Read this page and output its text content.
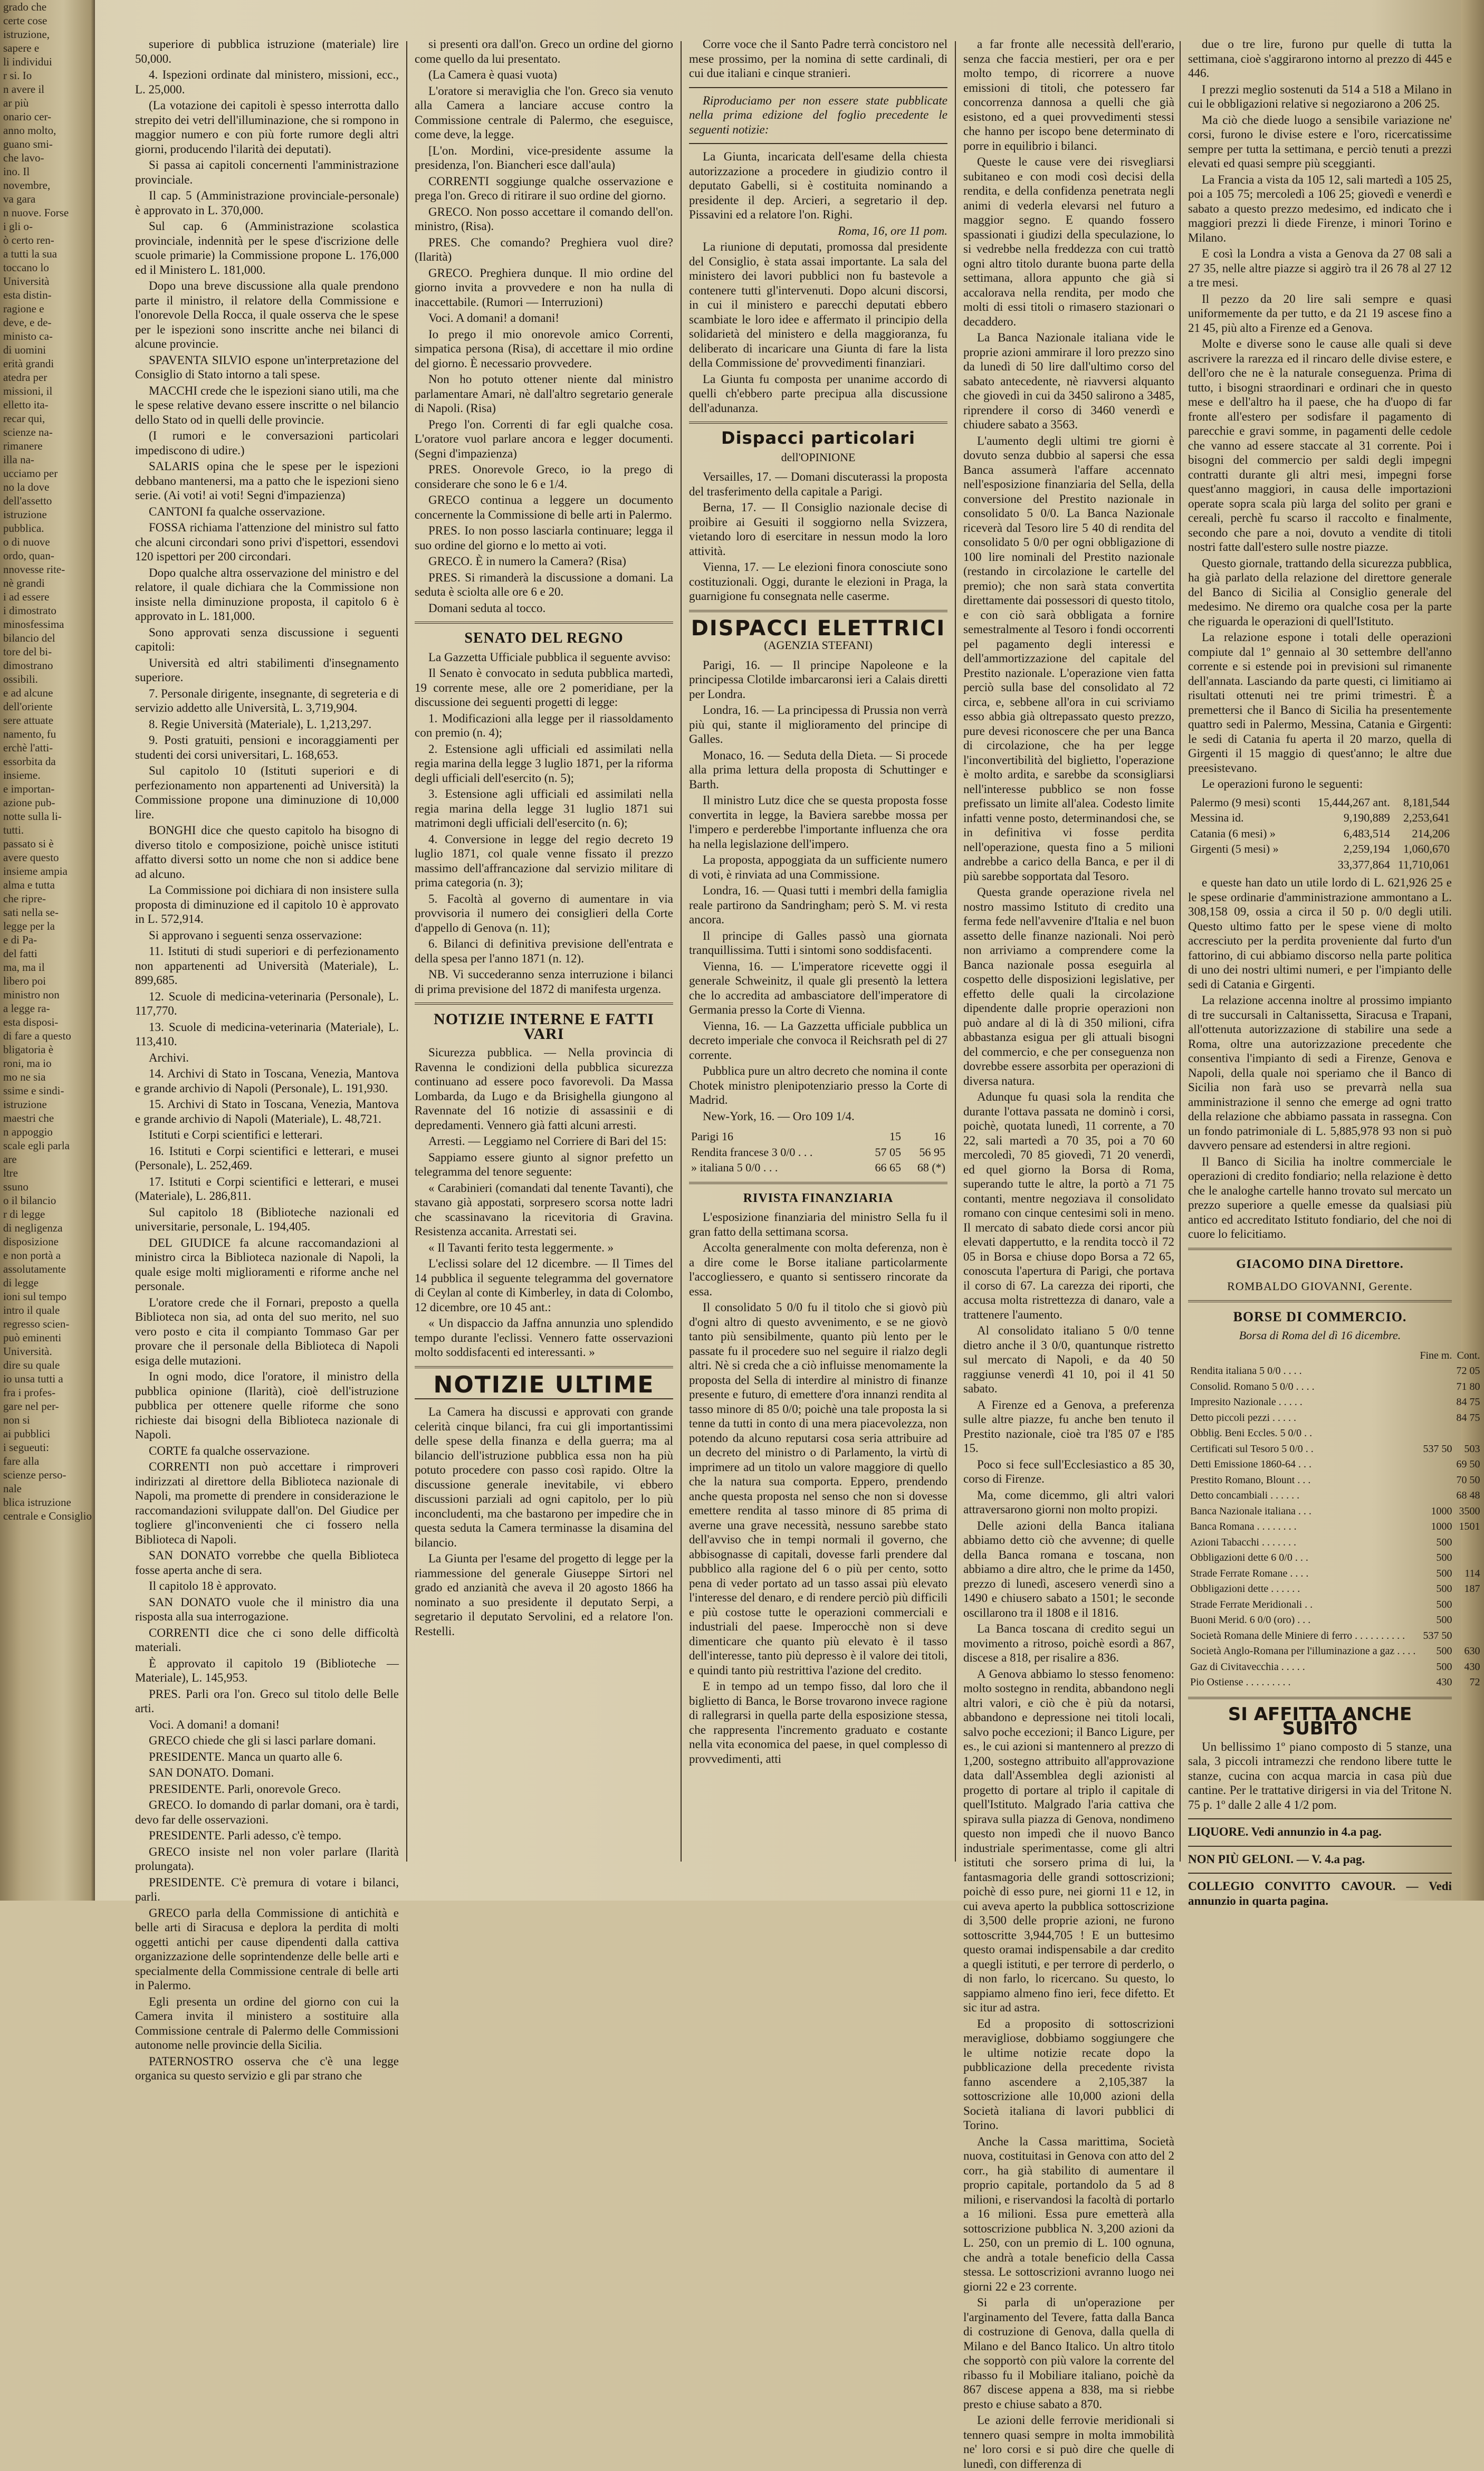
grado che

certe cose

istruzione,

sapere e

li individui

r si. Io

n avere il

ar più

onario cer-

anno molto,

guano smi-

che lavo-

ino. Il

novembre,

va gara

n nuove. Forse

i gli o-

ò certo ren-

a tutti la sua

toccano lo

Università

esta distin-

ragione e

deve, e de-

ministo ca-

di uomini

erità grandi

atedra per

missioni, il

elletto ita-

recar qui,

scienze na-

rimanere

illa na-

ucciamo per

no la dove

dell'assetto

istruzione

pubblica.

o di nuove

ordo, quan-

nnovesse rite-

nè grandi

i ad essere

i dimostrato

minosfessima

bilancio del

tore del bi-

dimostrano

ossibili.

e ad alcune

dell'oriente

sere attuate

namento, fu

erchè l'atti-

essorbita da

insieme.

e importan-

azione pub-

notte sulla li-

tutti.

passato si è

avere questo

insieme ampia

alma e tutta

che ripre-

sati nella se-

legge per la

e di Pa-

del fatti

ma, ma il

libero poi

ministro non

a legge ra-

esta disposi-

di fare a questo

bligatoria è

roni, ma io

mo ne sia

ssime e sindi-

istruzione

maestri che

n appoggio

scale egli parla

are

ltre

ssuno

o il bilancio

r di legge

di negligenza

disposizione

e non portà a

assolutamente

di legge

ioni sul tempo

intro il quale

regresso scien-

può eminenti

Università.

dire su quale

io unsa tutti a

fra i profes-

gare nel per-

non si

ai pubblici

i segueuti:

fare alla

scienze perso-

nale

blica istruzione

centrale e Consiglio

superiore di pubblica istruzione (materiale) lire 50,000.

4. Ispezioni ordinate dal ministero, missioni, ecc., L. 25,000.

(La votazione dei capitoli è spesso interrotta dallo strepito dei vetri dell'illuminazione, che si rompono in maggior numero e con più forte rumore degli altri giorni, producendo l'ilarità dei deputati).

Si passa ai capitoli concernenti l'amministrazione provinciale.

Il cap. 5 (Amministrazione provinciale-personale) è approvato in L. 370,000.

Sul cap. 6 (Amministrazione scolastica provinciale, indennità per le spese d'iscrizione delle scuole primarie) la Commissione propone L. 176,000 ed il Ministero L. 181,000.

Dopo una breve discussione alla quale prendono parte il ministro, il relatore della Commissione e l'onorevole Della Rocca, il quale osserva che le spese per le ispezioni sono inscritte anche nei bilanci di alcune provincie.

SPAVENTA SILVIO espone un'interpretazione del Consiglio di Stato intorno a tali spese.

MACCHI crede che le ispezioni siano utili, ma che le spese relative devano essere inscritte o nel bilancio dello Stato od in quelli delle provincie.

(I rumori e le conversazioni particolari impediscono di udire.)

SALARIS opina che le spese per le ispezioni debbano mantenersi, ma a patto che le ispezioni sieno serie. (Ai voti! ai voti! Segni d'impazienza)

CANTONI fa qualche osservazione.

FOSSA richiama l'attenzione del ministro sul fatto che alcuni circondari sono privi d'ispettori, essendovi 120 ispettori per 200 circondari.

Dopo qualche altra osservazione del ministro e del relatore, il quale dichiara che la Commissione non insiste nella diminuzione proposta, il capitolo 6 è approvato in L. 181,000.

Sono approvati senza discussione i seguenti capitoli:

Università ed altri stabilimenti d'insegnamento superiore.

7. Personale dirigente, insegnante, di segreteria e di servizio addetto alle Università, L. 3,719,904.

8. Regie Università (Materiale), L. 1,213,297.

9. Posti gratuiti, pensioni e incoraggiamenti per studenti dei corsi universitari, L. 168,653.

Sul capitolo 10 (Istituti superiori e di perfezionamento non appartenenti ad Università) la Commissione propone una diminuzione di 10,000 lire.

BONGHI dice che questo capitolo ha bisogno di diverso titolo e composizione, poichè unisce istituti affatto diversi sotto un nome che non si addice bene ad alcuno.

La Commissione poi dichiara di non insistere sulla proposta di diminuzione ed il capitolo 10 è approvato in L. 572,914.

Si approvano i seguenti senza osservazione:

11. Istituti di studi superiori e di perfezionamento non appartenenti ad Università (Materiale), L. 899,685.

12. Scuole di medicina-veterinaria (Personale), L. 117,770.

13. Scuole di medicina-veterinaria (Materiale), L. 113,410.

Archivi.

14. Archivi di Stato in Toscana, Venezia, Mantova e grande archivio di Napoli (Personale), L. 191,930.

15. Archivi di Stato in Toscana, Venezia, Mantova e grande archivio di Napoli (Materiale), L. 48,721.

Istituti e Corpi scientifici e letterari.

16. Istituti e Corpi scientifici e letterari, e musei (Personale), L. 252,469.

17. Istituti e Corpi scientifici e letterari, e musei (Materiale), L. 286,811.

Sul capitolo 18 (Biblioteche nazionali ed universitarie, personale, L. 194,405.

DEL GIUDICE fa alcune raccomandazioni al ministro circa la Biblioteca nazionale di Napoli, la quale esige molti miglioramenti e riforme anche nel personale.

L'oratore crede che il Fornari, preposto a quella Biblioteca non sia, ad onta del suo merito, nel suo vero posto e cita il compianto Tommaso Gar per provare che il personale della Biblioteca di Napoli esiga delle mutazioni.

In ogni modo, dice l'oratore, il ministro della pubblica opinione (Ilarità), cioè dell'istruzione pubblica per ottenere quelle riforme che sono richieste dai bisogni della Biblioteca nazionale di Napoli.

CORTE fa qualche osservazione.

CORRENTI non può accettare i rimproveri indirizzati al direttore della Biblioteca nazionale di Napoli, ma promette di prendere in considerazione le raccomandazioni sviluppate dall'on. Del Giudice per togliere gl'inconvenienti che ci fossero nella Biblioteca di Napoli.

SAN DONATO vorrebbe che quella Biblioteca fosse aperta anche di sera.

Il capitolo 18 è approvato.

SAN DONATO vuole che il ministro dia una risposta alla sua interrogazione.

CORRENTI dice che ci sono delle difficoltà materiali.

È approvato il capitolo 19 (Biblioteche — Materiale), L. 145,953.

PRES. Parli ora l'on. Greco sul titolo delle Belle arti.

Voci. A domani! a domani!

GRECO chiede che gli si lasci parlare domani.

PRESIDENTE. Manca un quarto alle 6.

SAN DONATO. Domani.

PRESIDENTE. Parli, onorevole Greco.

GRECO. Io domando di parlar domani, ora è tardi, devo far delle osservazioni.

PRESIDENTE. Parli adesso, c'è tempo.

GRECO insiste nel non voler parlare (Ilarità prolungata).

PRESIDENTE. C'è premura di votare i bilanci, parli.

GRECO parla della Commissione di antichità e belle arti di Siracusa e deplora la perdita di molti oggetti antichi per cause dipendenti dalla cattiva organizzazione delle soprintendenze delle belle arti e specialmente della Commissione centrale di belle arti in Palermo.

Egli presenta un ordine del giorno con cui la Camera invita il ministero a sostituire alla Commissione centrale di Palermo delle Commissioni autonome nelle provincie della Sicilia.

PATERNOSTRO osserva che c'è una legge organica su questo servizio e gli par strano che

si presenti ora dall'on. Greco un ordine del giorno come quello da lui presentato.

(La Camera è quasi vuota)

L'oratore si meraviglia che l'on. Greco sia venuto alla Camera a lanciare accuse contro la Commissione centrale di Palermo, che eseguisce, come deve, la legge.

[L'on. Mordini, vice-presidente assume la presidenza, l'on. Biancheri esce dall'aula)

CORRENTI soggiunge qualche osservazione e prega l'on. Greco di ritirare il suo ordine del giorno.

GRECO. Non posso accettare il comando dell'on. ministro, (Risa).

PRES. Che comando? Preghiera vuol dire? (Ilarità)

GRECO. Preghiera dunque. Il mio ordine del giorno invita a provvedere e non ha nulla di inaccettabile. (Rumori — Interruzioni)

Voci. A domani! a domani!

Io prego il mio onorevole amico Correnti, simpatica persona (Risa), di accettare il mio ordine del giorno. È necessario provvedere.

Non ho potuto ottener niente dal ministro parlamentare Amari, nè dall'altro segretario generale di Napoli. (Risa)

Prego l'on. Correnti di far egli qualche cosa. L'oratore vuol parlare ancora e legger documenti. (Segni d'impazienza)

PRES. Onorevole Greco, io la prego di considerare che sono le 6 e 1/4.

GRECO continua a leggere un documento concernente la Commissione di belle arti in Palermo.

PRES. Io non posso lasciarla continuare; legga il suo ordine del giorno e lo metto ai voti.

GRECO. È in numero la Camera? (Risa)

PRES. Si rimanderà la discussione a domani. La seduta è sciolta alle ore 6 e 20.

Domani seduta al tocco.

SENATO DEL REGNO

La Gazzetta Ufficiale pubblica il seguente avviso:

Il Senato è convocato in seduta pubblica martedì, 19 corrente mese, alle ore 2 pomeridiane, per la discussione dei seguenti progetti di legge:

1. Modificazioni alla legge per il riassoldamento con premio (n. 4);

2. Estensione agli ufficiali ed assimilati nella regia marina della legge 3 luglio 1871, per la riforma degli ufficiali dell'esercito (n. 5);

3. Estensione agli ufficiali ed assimilati nella regia marina della legge 31 luglio 1871 sui matrimoni degli ufficiali dell'esercito (n. 6);

4. Conversione in legge del regio decreto 19 luglio 1871, col quale venne fissato il prezzo massimo dell'affrancazione dal servizio militare di prima categoria (n. 3);

5. Facoltà al governo di aumentare in via provvisoria il numero dei consiglieri della Corte d'appello di Genova (n. 11);

6. Bilanci di definitiva previsione dell'entrata e della spesa per l'anno 1871 (n. 12).

NB. Vi succederanno senza interruzione i bilanci di prima previsione del 1872 di manifesta urgenza.

NOTIZIE INTERNE E FATTI VARI

Sicurezza pubblica. — Nella provincia di Ravenna le condizioni della pubblica sicurezza continuano ad essere poco favorevoli. Da Massa Lombarda, da Lugo e da Brisighella giungono al Ravennate del 16 notizie di assassinii e di depredamenti. Vennero già fatti alcuni arresti.

Arresti. — Leggiamo nel Corriere di Bari del 15:

Sappiamo essere giunto al signor prefetto un telegramma del tenore seguente:

« Carabinieri (comandati dal tenente Tavanti), che stavano già appostati, sorpresero scorsa notte ladri che scassinavano la ricevitoria di Gravina. Resistenza accanita. Arrestati sei.

« Il Tavanti ferito testa leggermente. »

L'eclissi solare del 12 dicembre. — Il Times del 14 pubblica il seguente telegramma del governatore di Ceylan al conte di Kimberley, in data di Colombo, 12 dicembre, ore 10 45 ant.:

« Un dispaccio da Jaffna annunzia uno splendido tempo durante l'eclissi. Vennero fatte osservazioni molto soddisfacenti ed interessanti. »

NOTIZIE ULTIME

La Camera ha discussi e approvati con grande celerità cinque bilanci, fra cui gli importantissimi delle spese della finanza e della guerra; ma al bilancio dell'istruzione pubblica essa non ha più potuto procedere con passo così rapido. Oltre la discussione generale inevitabile, vi ebbero discussioni parziali ad ogni capitolo, per lo più inconcludenti, ma che bastarono per impedire che in questa seduta la Camera terminasse la disamina del bilancio.

La Giunta per l'esame del progetto di legge per la riammessione del generale Giuseppe Sirtori nel grado ed anzianità che aveva il 20 agosto 1866 ha nominato a suo presidente il deputato Serpi, a segretario il deputato Servolini, ed a relatore l'on. Restelli.

Corre voce che il Santo Padre terrà concistoro nel mese prossimo, per la nomina di sette cardinali, di cui due italiani e cinque stranieri.

Riproduciamo per non essere state pubblicate nella prima edizione del foglio precedente le seguenti notizie:

La Giunta, incaricata dell'esame della chiesta autorizzazione a procedere in giudizio contro il deputato Gabelli, si è costituita nominando a presidente il dep. Arcieri, a segretario il dep. Pissavini ed a relatore l'on. Righi.

Roma, 16, ore 11 pom.

La riunione di deputati, promossa dal presidente del Consiglio, è stata assai importante. La sala del ministero dei lavori pubblici non fu bastevole a contenere tutti gl'intervenuti. Dopo alcuni discorsi, in cui il ministero e parecchi deputati ebbero scambiate le loro idee e affermato il principio della solidarietà del ministero e della maggioranza, fu deliberato di incaricare una Giunta di fare la lista della Commissione de' provvedimenti finanziari.

La Giunta fu composta per unanime accordo di quelli ch'ebbero parte precipua alla discussione dell'adunanza.

Dispacci particolari
dell'OPINIONE

Versailles, 17. — Domani discuterassi la proposta del trasferimento della capitale a Parigi.

Berna, 17. — Il Consiglio nazionale decise di proibire ai Gesuiti il soggiorno nella Svizzera, vietando loro di esercitare in nessun modo la loro attività.

Vienna, 17. — Le elezioni finora conosciute sono costituzionali. Oggi, durante le elezioni in Praga, la guarnigione fu consegnata nelle caserme.

DISPACCI ELETTRICI
(AGENZIA STEFANI)

Parigi, 16. — Il principe Napoleone e la principessa Clotilde imbarcaronsi ieri a Calais diretti per Londra.

Londra, 16. — La principessa di Prussia non verrà più qui, stante il miglioramento del principe di Galles.

Monaco, 16. — Seduta della Dieta. — Si procede alla prima lettura della proposta di Schuttinger e Barth.

Il ministro Lutz dice che se questa proposta fosse convertita in legge, la Baviera sarebbe mossa per l'impero e perderebbe l'importante influenza che ora ha nella legislazione dell'impero.

La proposta, appoggiata da un sufficiente numero di voti, è rinviata ad una Commissione.

Londra, 16. — Quasi tutti i membri della famiglia reale partirono da Sandringham; però S. M. vi resta ancora.

Il principe di Galles passò una giornata tranquillissima. Tutti i sintomi sono soddisfacenti.

Vienna, 16. — L'imperatore ricevette oggi il generale Schweinitz, il quale gli presentò la lettera che lo accredita ad ambasciatore dell'imperatore di Germania presso la Corte di Vienna.

Vienna, 16. — La Gazzetta ufficiale pubblica un decreto imperiale che convoca il Reichsrath pel di 27 corrente.

Pubblica pure un altro decreto che nomina il conte Chotek ministro plenipotenziario presso la Corte di Madrid.

New-York, 16. — Oro 109 1/4.

Parigi 16	15	16
Rendita francese 3 0/0 . . .	57 05	56 95
» italiana 5 0/0 . . .	66 65	68 (*)
RIVISTA FINANZIARIA

L'esposizione finanziaria del ministro Sella fu il gran fatto della settimana scorsa.

Accolta generalmente con molta deferenza, non è a dire come le Borse italiane particolarmente l'accogliessero, e quanto si sentissero rincorate da essa.

Il consolidato 5 0/0 fu il titolo che si giovò più d'ogni altro di questo avvenimento, e se ne giovò tanto più sensibilmente, quanto più lento per le passate fu il procedere suo nel seguire il rialzo degli altri. Nè si creda che a ciò influisse menomamente la proposta del Sella di interdire al ministro di finanze presente e futuro, di emettere d'ora innanzi rendita al tasso minore di 85 0/0; poichè una tale proposta la si tenne da tutti in conto di una mera piacevolezza, non potendo da alcuno reputarsi cosa seria attribuire ad un decreto del ministro o di Parlamento, la virtù di imprimere ad un titolo un valore maggiore di quello che la natura sua comporta. Eppero, prendendo anche questa proposta nel senso che non si dovesse emettere rendita al tasso minore di 85 prima di averne una grave necessità, nessuno sarebbe stato dell'avviso che in tempi normali il governo, che abbisognasse di capitali, dovesse farli prendere dal pubblico alla ragione del 6 o più per cento, sotto pena di veder portato ad un tasso assai più elevato l'interesse del denaro, e di rendere perciò più difficili e più costose tutte le operazioni commerciali e industriali del paese. Imperocchè non si deve dimenticare che quanto più elevato è il tasso dell'interesse, tanto più depresso è il valore dei titoli, e quindi tanto più restrittiva l'azione del credito.

E in tempo ad un tempo fisso, dal loro che il biglietto di Banca, le Borse trovarono invece ragione di rallegrarsi in quella parte della esposizione stessa, che rappresenta l'incremento graduato e costante nella vita economica del paese, in quel complesso di provvedimenti, atti

a far fronte alle necessità dell'erario, senza che faccia mestieri, per ora e per molto tempo, di ricorrere a nuove emissioni di titoli, che potessero far concorrenza dannosa a quelli che già esistono, ed a quei provvedimenti stessi che hanno per iscopo bene determinato di porre in equilibrio i bilanci.

Queste le cause vere dei risvegliarsi subitaneo e con modi così decisi della rendita, e della confidenza penetrata negli animi di vederla elevarsi nel futuro a maggior segno. E quando fossero spassionati i giudizi della speculazione, lo si vedrebbe nella freddezza con cui trattò ogni altro titolo durante buona parte della settimana, allora appunto che già si accalorava nella rendita, per modo che molti di essi titoli o rimasero stazionari o decaddero.

La Banca Nazionale italiana vide le proprie azioni ammirare il loro prezzo sino da lunedì di 50 lire dall'ultimo corso del sabato antecedente, nè riavversi alquanto che giovedì in cui da 3450 salirono a 3485, riprendere il corso di 3460 venerdì e chiudere sabato a 3563.

L'aumento degli ultimi tre giorni è dovuto senza dubbio al sapersi che essa Banca assumerà l'affare accennato nell'esposizione finanziaria del Sella, della conversione del Prestito nazionale in consolidato 5 0/0. La Banca Nazionale riceverà dal Tesoro lire 5 40 di rendita del consolidato 5 0/0 per ogni obbligazione di 100 lire nominali del Prestito nazionale (restando in circolazione le cartelle del premio); che non sarà stata convertita direttamente dai possessori di questo titolo, e con ciò sarà obbligata a fornire semestralmente al Tesoro i fondi occorrenti pel pagamento degli interessi e dell'ammortizzazione del capitale del Prestito nazionale. L'operazione vien fatta perciò sulla base del consolidato al 72 circa, e, sebbene all'ora in cui scriviamo esso abbia già oltrepassato questo prezzo, pure devesi riconoscere che per una Banca di circolazione, che ha per legge l'inconvertibilità del biglietto, l'operazione è molto ardita, e sarebbe da sconsigliarsi nell'interesse pubblico se non fosse prefissato un limite all'alea. Codesto limite infatti venne posto, determinandosi che, se in definitiva vi fosse perdita nell'operazione, questa fino a 5 milioni andrebbe a carico della Banca, e per il di più sarebbe sopportata dal Tesoro.

Questa grande operazione rivela nel nostro massimo Istituto di credito una ferma fede nell'avvenire d'Italia e nel buon assetto delle finanze nazionali. Noi però non arriviamo a comprendere come la Banca nazionale possa eseguirla al cospetto delle disposizioni legislative, per effetto delle quali la circolazione dipendente dalle proprie operazioni non può andare al di là di 350 milioni, cifra abbastanza esigua per gli attuali bisogni del commercio, e che per conseguenza non dovrebbe essere assorbita per operazioni di diversa natura.

Adunque fu quasi sola la rendita che durante l'ottava passata ne dominò i corsi, poichè, quotata lunedì, 11 corrente, a 70 22, sali martedì a 70 35, poi a 70 60 mercoledì, 70 85 giovedì, 71 20 venerdì, ed quel giorno la Borsa di Roma, superando tutte le altre, la portò a 71 75 contanti, mentre negoziava il consolidato romano con cinque centesimi soli in meno. Il mercato di sabato diede corsi ancor più elevati dappertutto, e la rendita toccò il 72 05 in Borsa e chiuse dopo Borsa a 72 65, conoscuta l'apertura di Parigi, che portava il corso di 67. La carezza dei riporti, che accusa molta ristrettezza di danaro, vale a trattenere l'aumento.

Al consolidato italiano 5 0/0 tenne dietro anche il 3 0/0, quantunque ristretto sul mercato di Napoli, e da 40 50 raggiunse venerdì 41 10, poi il 41 50 sabato.

A Firenze ed a Genova, a preferenza sulle altre piazze, fu anche ben tenuto il Prestito nazionale, cioè tra l'85 07 e l'85 15.

Poco si fece sull'Ecclesiastico a 85 30, corso di Firenze.

Ma, come dicemmo, gli altri valori attraversarono giorni non molto propizi.

Delle azioni della Banca italiana abbiamo detto ciò che avvenne; di quelle della Banca romana e toscana, non abbiamo a dire altro, che le prime da 1450, prezzo di lunedì, ascesero venerdì sino a 1490 e chiusero sabato a 1501; le seconde oscillarono tra il 1808 e il 1816.

La Banca toscana di credito segui un movimento a ritroso, poichè esordì a 867, discese a 818, per risalire a 836.

A Genova abbiamo lo stesso fenomeno: molto sostegno in rendita, abbandono negli altri valori, e ciò che è più da notarsi, abbandono e depressione nei titoli locali, salvo poche eccezioni; il Banco Ligure, per es., le cui azioni si mantennero al prezzo di 1,200, sostegno attribuito all'approvazione data dall'Assemblea degli azionisti al progetto di portare al triplo il capitale di quell'Istituto. Malgrado l'aria cattiva che spirava sulla piazza di Genova, nondimeno questo non impedì che il nuovo Banco industriale sperimentasse, come gli altri istituti che sorsero prima di lui, la fantasmagoria delle grandi sottoscrizioni; poichè di esso pure, nei giorni 11 e 12, in cui aveva aperto la pubblica sottoscrizione di 3,500 delle proprie azioni, ne furono sottoscritte 3,944,705 ! E un buttesimo questo oramai indispensabile a dar credito a quegli istituti, e per terrore di perderlo, o di non farlo, lo ricercano. Su questo, lo sappiamo almeno fino ieri, fece difetto. Et sic itur ad astra.

Ed a proposito di sottoscrizioni meravigliose, dobbiamo soggiungere che le ultime notizie recate dopo la pubblicazione della precedente rivista fanno ascendere a 2,105,387 la sottoscrizione alle 10,000 azioni della Società italiana di lavori pubblici di Torino.

Anche la Cassa marittima, Società nuova, costituitasi in Genova con atto del 2 corr., ha già stabilito di aumentare il proprio capitale, portandolo da 5 ad 8 milioni, e riservandosi la facoltà di portarlo a 16 milioni. Essa pure emetterà alla sottoscrizione pubblica N. 3,200 azioni da L. 250, con un premio di L. 100 ognuna, che andrà a totale beneficio della Cassa stessa. Le sottoscrizioni avranno luogo nei giorni 22 e 23 corrente.

Si parla di un'operazione per l'arginamento del Tevere, fatta dalla Banca di costruzione di Genova, dalla quella di Milano e del Banco Italico. Un altro titolo che sopportò con più valore la corrente del ribasso fu il Mobiliare italiano, poichè da 867 discese appena a 838, ma si riebbe presto e chiuse sabato a 870.

Le azioni delle ferrovie meridionali si tennero quasi sempre in molta immobilità ne' loro corsi e si può dire che quelle di lunedì, con differenza di

due o tre lire, furono pur quelle di tutta la settimana, cioè s'aggirarono intorno al prezzo di 445 e 446.

I prezzi meglio sostenuti da 514 a 518 a Milano in cui le obbligazioni relative si negoziarono a 206 25.

Ma ciò che diede luogo a sensibile variazione ne' corsi, furono le divise estere e l'oro, ricercatissime sempre per tutta la settimana, e perciò tenuti a prezzi elevati ed quasi sempre più sceggianti.

La Francia a vista da 105 12, sali martedì a 105 25, poi a 105 75; mercoledì a 106 25; giovedì e venerdì e sabato a questo prezzo medesimo, ed indicato che i maggiori prezzi li diede Firenze, i minori Torino e Milano.

E così la Londra a vista a Genova da 27 08 sali a 27 35, nelle altre piazze si aggirò tra il 26 78 al 27 12 a tre mesi.

Il pezzo da 20 lire sali sempre e quasi uniformemente da per tutto, e da 21 19 ascese fino a 21 45, più alto a Firenze ed a Genova.

Molte e diverse sono le cause alle quali si deve ascrivere la rarezza ed il rincaro delle divise estere, e dell'oro che ne è la naturale conseguenza. Prima di tutto, i bisogni straordinari e ordinari che in questo mese e dell'altro ha il paese, che ha d'uopo di far fronte all'estero per sodisfare il pagamento di parecchie e gravi somme, in pagamenti delle cedole che vanno ad essere staccate al 31 corrente. Poi i bisogni del commercio per saldi degli impegni contratti durante gli altri mesi, impegni forse quest'anno maggiori, in causa delle importazioni operate sopra scala più larga del solito per grani e cereali, perchè fu scarso il raccolto e finalmente, secondo che pare a noi, dovuto a vendite di titoli nostri fatte dall'estero sulle nostre piazze.

Questo giornale, trattando della sicurezza pubblica, ha già parlato della relazione del direttore generale del Banco di Sicilia al Consiglio generale del medesimo. Ne diremo ora qualche cosa per la parte che riguarda le operazioni di quell'Istituto.

La relazione espone i totali delle operazioni compiute dal 1º gennaio al 30 settembre dell'anno corrente e si estende poi in previsioni sul rimanente dell'annata. Lasciando da parte questi, ci limitiamo ai risultati ottenuti nei tre primi trimestri. È a premettersi che il Banco di Sicilia ha presentemente quattro sedi in Palermo, Messina, Catania e Girgenti: le sedi di Catania fu aperta il 20 marzo, quella di Girgenti il 15 maggio di quest'anno; le altre due preesistevano.

Le operazioni furono le seguenti:

Palermo (9 mesi) sconti	15,444,267 ant.	8,181,544
Messina id.	9,190,889	2,253,641
Catania (6 mesi) »	6,483,514	214,206
Girgenti (5 mesi) »	2,259,194	1,060,670
	33,377,864	11,710,061

e queste han dato un utile lordo di L. 621,926 25 e le spese ordinarie d'amministrazione ammontano a L. 308,158 09, ossia a circa il 50 p. 0/0 degli utili. Questo ultimo fatto per le spese viene di molto accresciuto per la perdita proveniente dal furto d'un fattorino, di cui abbiamo discorso nella parte politica di uno dei nostri ultimi numeri, e per l'impianto delle sedi di Catania e Girgenti.

La relazione accenna inoltre al prossimo impianto di tre succursali in Caltanissetta, Siracusa e Trapani, all'ottenuta autorizzazione di stabilire una sede a Roma, oltre una autorizzazione precedente che consentiva l'impianto di sedi a Firenze, Genova e Napoli, della quale noi speriamo che il Banco di Sicilia non farà uso se prevarrà nella sua amministrazione il senno che emerge ad ogni tratto della relazione che abbiamo passata in rassegna. Con un fondo patrimoniale di L. 5,885,978 93 non si può davvero pensare ad estendersi in altre regioni.

Il Banco di Sicilia ha inoltre commerciale le operazioni di credito fondiario; nella relazione è detto che le analoghe cartelle hanno trovato sul mercato un prezzo superiore a quelle emesse da qualsiasi più antico ed accreditato Istituto fondiario, del che noi di cuore lo felicitiamo.

GIACOMO DINA Direttore.
ROMBALDO GIOVANNI, Gerente.
BORSE DI COMMERCIO.
Borsa di Roma del dì 16 dicembre.
	Fine m.	Cont.
Rendita italiana 5 0/0 . . . .		72 05
Consolid. Romano 5 0/0 . . . .		71 80
Impresito Nazionale . . . . .		84 75
Detto piccoli pezzi . . . . .		84 75
Obblig. Beni Eccles. 5 0/0 . .		
Certificati sul Tesoro 5 0/0 . .	537 50	503
Detti Emissione 1860-64 . . .		69 50
Prestito Romano, Blount . . .		70 50
Detto concambiali . . . . . .		68 48
Banca Nazionale italiana . . .	1000	3500
Banca Romana . . . . . . . .	1000	1501
Azioni Tabacchi . . . . . . .	500	
Obbligazioni dette 6 0/0 . . .	500	
Strade Ferrate Romane . . . .	500	114
Obbligazioni dette . . . . . .	500	187
Strade Ferrate Meridionali . .	500	
Buoni Merid. 6 0/0 (oro) . . .	500	
Società Romana delle Miniere di ferro . . . . . . . . . .	537 50	
Società Anglo-Romana per l'illuminazione a gaz . . . .	500	630
Gaz di Civitavecchia . . . . .	500	430
Pio Ostiense . . . . . . . . .	430	72
SI AFFITTA ANCHE SUBITO

Un bellissimo 1º piano composto di 5 stanze, una sala, 3 piccoli intramezzi che rendono libere tutte le stanze, cucina con acqua marcia in casa più due cantine. Per le trattative dirigersi in via del Tritone N. 75 p. 1º dalle 2 alle 4 1/2 pom.

LIQUORE. Vedi annunzio in 4.a pag.

NON PIÙ GELONI. — V. 4.a pag.

COLLEGIO CONVITTO CAVOUR. — Vedi annunzio in quarta pagina.
